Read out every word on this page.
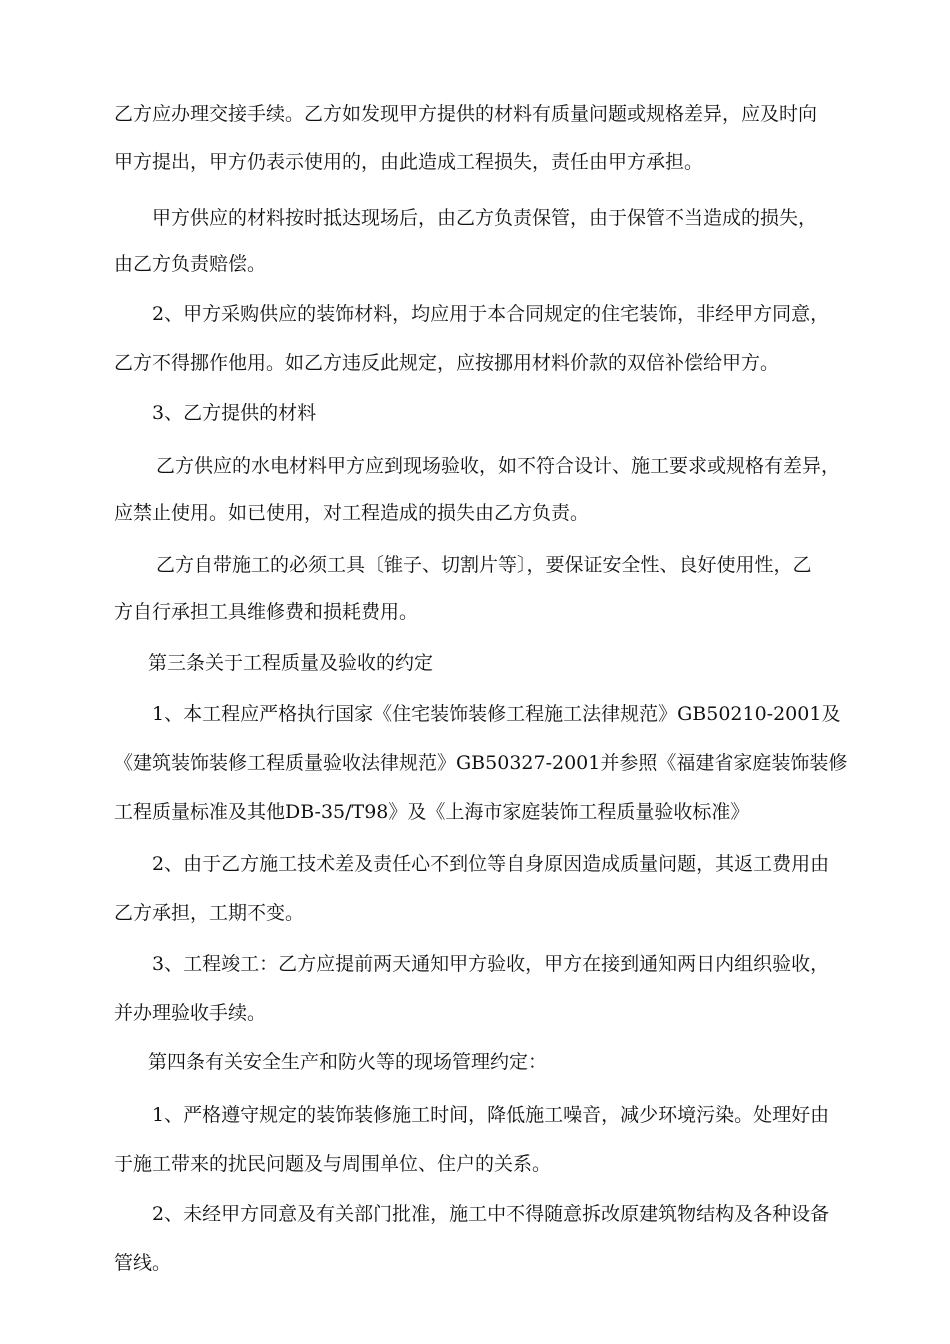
乙方应办理交接手续。乙方如发现甲方提供的材料有质量问题或规格差异，应及时向
甲方提出，甲方仍表示使用的，由此造成工程损失，责任由甲方承担。
甲方供应的材料按时抵达现场后，由乙方负责保管，由于保管不当造成的损失，
由乙方负责赔偿。
2、甲方采购供应的装饰材料，均应用于本合同规定的住宅装饰，非经甲方同意，
乙方不得挪作他用。如乙方违反此规定，应按挪用材料价款的双倍补偿给甲方。
3、乙方提供的材料
乙方供应的水电材料甲方应到现场验收，如不符合设计、施工要求或规格有差异，
应禁止使用。如已使用，对工程造成的损失由乙方负责。
乙方自带施工的必须工具〔锥子、切割片等〕，要保证安全性、良好使用性，乙
方自行承担工具维修费和损耗费用。
第三条关于工程质量及验收的约定
1、本工程应严格执行国家《住宅装饰装修工程施工法律规范》GB50210-2001及
《建筑装饰装修工程质量验收法律规范》GB50327-2001并参照《福建省家庭装饰装修
工程质量标准及其他DB-35/T98》及《上海市家庭装饰工程质量验收标准》
2、由于乙方施工技术差及责任心不到位等自身原因造成质量问题，其返工费用由
乙方承担，工期不变。
3、工程竣工：乙方应提前两天通知甲方验收，甲方在接到通知两日内组织验收，
并办理验收手续。
第四条有关安全生产和防火等的现场管理约定：
1、严格遵守规定的装饰装修施工时间，降低施工噪音，减少环境污染。处理好由
于施工带来的扰民问题及与周围单位、住户的关系。
2、未经甲方同意及有关部门批准，施工中不得随意拆改原建筑物结构及各种设备
管线。
